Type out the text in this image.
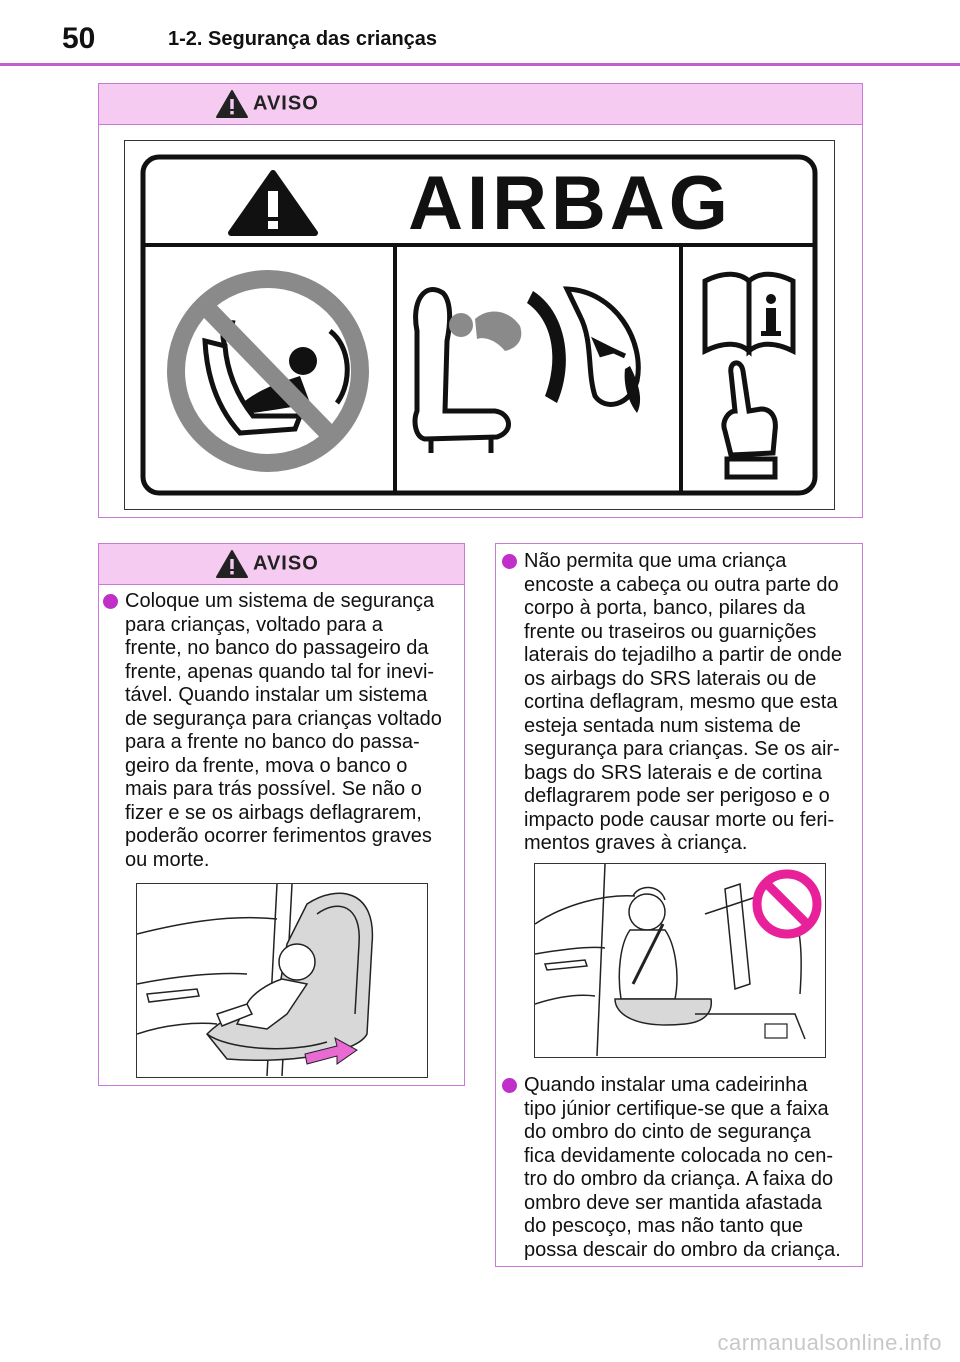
50	1-2. Segurança das crianças
AVISO
AIRBAG
AVISO
Coloque um sistema de segurança
para crianças, voltado para a
frente, no banco do passageiro da
frente, apenas quando tal for inevi-
tável. Quando instalar um sistema
de segurança para crianças voltado
para a frente no banco do passa-
geiro da frente, mova o banco o
mais para trás possível. Se não o
fizer e se os airbags deflagrarem,
poderão ocorrer ferimentos graves
ou morte.
Não permita que uma criança
encoste a cabeça ou outra parte do
corpo à porta, banco, pilares da
frente ou traseiros ou guarnições
laterais do tejadilho a partir de onde
os airbags do SRS laterais ou de
cortina deflagram, mesmo que esta
esteja sentada num sistema de
segurança para crianças. Se os air-
bags do SRS laterais e de cortina
deflagrarem pode ser perigoso e o
impacto pode causar morte ou feri-
mentos graves à criança.
Quando instalar uma cadeirinha
tipo júnior certifique-se que a faixa
do ombro do cinto de segurança
fica devidamente colocada no cen-
tro do ombro da criança. A faixa do
ombro deve ser mantida afastada
do pescoço, mas não tanto que
possa descair do ombro da criança.
carmanualsonline.info
